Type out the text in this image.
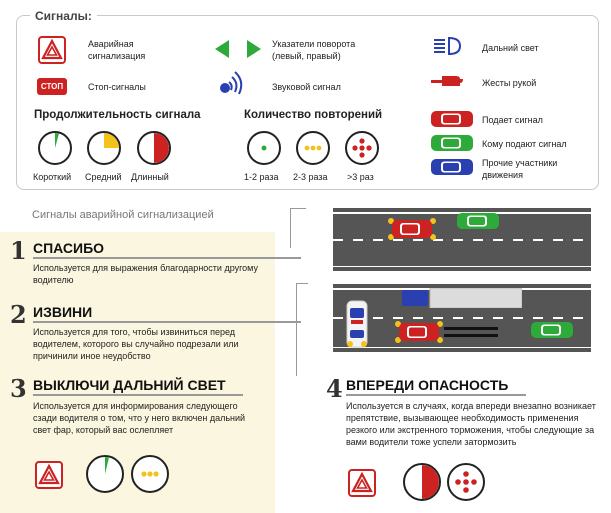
Сигналы:
Аварийная сигнализация
СТОП	Стоп-сигналы
Указатели поворота (левый, правый)
Звуковой сигнал
Дальний свет
Жесты рукой
Подает сигнал
Кому подают сигнал
Прочие участники движения
Продолжительность сигнала
Короткий Средний Длинный
Количество повторений
1-2 раза 2-3 раза >3 раз
Сигналы аварийной сигнализацией
1 СПАСИБО
Используется для выражения благодарности другому водителю
2 ИЗВИНИ
Используется для того, чтобы извиниться перед водителем, которого вы случайно подрезали или причинили иное неудобство
3 ВЫКЛЮЧИ ДАЛЬНИЙ СВЕТ
Используется для информирования следующего сзади водителя о том, что у него включен дальний свет фар, который вас ослепляет
4 ВПЕРЕДИ ОПАСНОСТЬ
Используется в случаях, когда впереди внезапно возникает препятствие, вызывающее необходимость применения резкого или экстренного торможения, чтобы следующие за вами водители тоже успели затормозить
